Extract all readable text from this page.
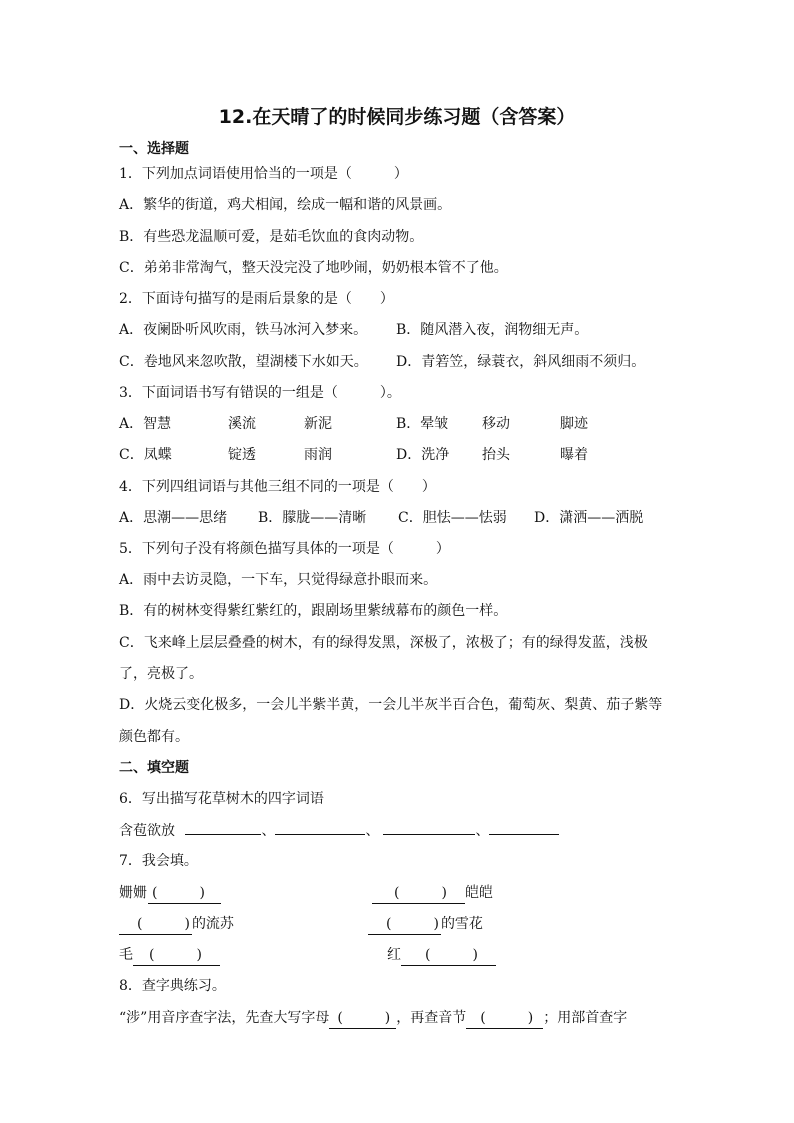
12.在天晴了的时候同步练习题（含答案）
一、选择题
1．下列加点词语使用恰当的一项是（　　　）
A．繁华的街道，鸡犬相闻，绘成一幅和谐的风景画。
B．有些恐龙温顺可爱，是茹毛饮血的食肉动物。
C．弟弟非常淘气，整天没完没了地吵闹，奶奶根本管不了他。
2．下面诗句描写的是雨后景象的是（　　）
A．夜阑卧听风吹雨，铁马冰河入梦来。 B．随风潜入夜，润物细无声。
C．卷地风来忽吹散，望湖楼下水如天。 D．青箬笠，绿蓑衣，斜风细雨不须归。
3．下面词语书写有错误的一组是（　　　）。
A．智慧	溪流	新泥	B．晕皱 移动	脚迹
C．凤蝶	锭透	雨润	D．洗净 抬头	曝着
4．下列四组词语与其他三组不同的一项是（　　）
A．思潮——思绪 B．朦胧——清晰 C．胆怯——怯弱 D．潇洒——洒脱
5．下列句子没有将颜色描写具体的一项是（　　　）
A．雨中去访灵隐，一下车，只觉得绿意扑眼而来。
B．有的树林变得紫红紫红的，跟剧场里紫绒幕布的颜色一样。
C．飞来峰上层层叠叠的树木，有的绿得发黑，深极了，浓极了；有的绿得发蓝，浅极
了，亮极了。
D．火烧云变化极多，一会儿半紫半黄，一会儿半灰半百合色，葡萄灰、梨黄、茄子紫等
颜色都有。
二、填空题
6．写出描写花草树木的四字词语
含苞欲放	、	、	、
7．我会填。
姗姗 (　　　)	(　　　) 皑皑
(　　　) 的流苏	(　　　) 的雪花
毛 (　　　)	红 (　　　)
8．查字典练习。
“涉”用音序查字法，先查大写字母 (　　　) ，再查音节 (　　　) ；用部首查字
